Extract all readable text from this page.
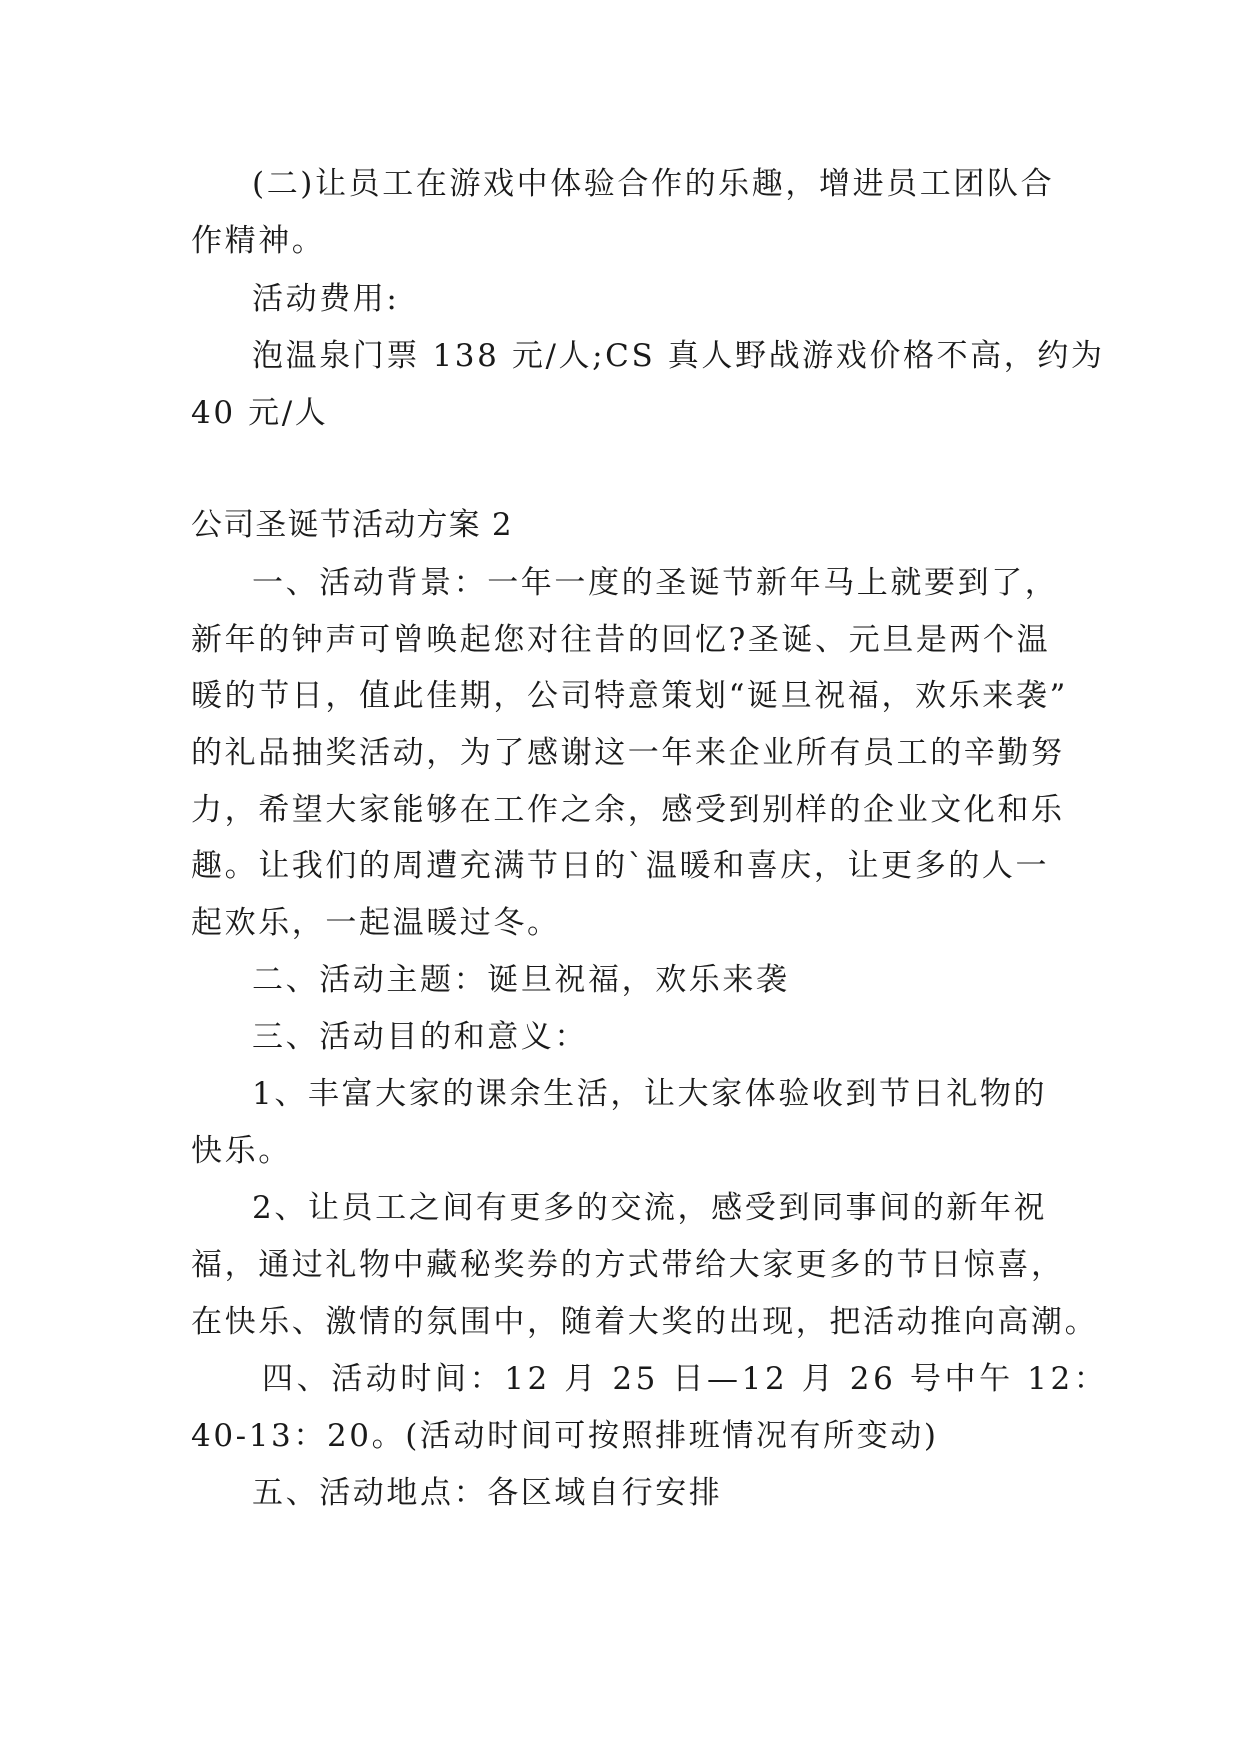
(二)让员工在游戏中体验合作的乐趣，增进员工团队合
作精神。
活动费用:
泡温泉门票 138 元/人;CS 真人野战游戏价格不高，约为
40 元/人
公司圣诞节活动方案 2
一、活动背景：一年一度的圣诞节新年马上就要到了，
新年的钟声可曾唤起您对往昔的回忆?圣诞、元旦是两个温
暖的节日，值此佳期，公司特意策划“诞旦祝福，欢乐来袭”
的礼品抽奖活动，为了感谢这一年来企业所有员工的辛勤努
力，希望大家能够在工作之余，感受到别样的企业文化和乐
趣。让我们的周遭充满节日的`温暖和喜庆，让更多的人一
起欢乐，一起温暖过冬。
二、活动主题：诞旦祝福，欢乐来袭
三、活动目的和意义：
1、丰富大家的课余生活，让大家体验收到节日礼物的
快乐。
2、让员工之间有更多的交流，感受到同事间的新年祝
福，通过礼物中藏秘奖券的方式带给大家更多的节日惊喜，
在快乐、激情的氛围中，随着大奖的出现，把活动推向高潮。
四、活动时间：12 月 25 日—12 月 26 号中午 12：
40-13：20。(活动时间可按照排班情况有所变动)
五、活动地点：各区域自行安排
